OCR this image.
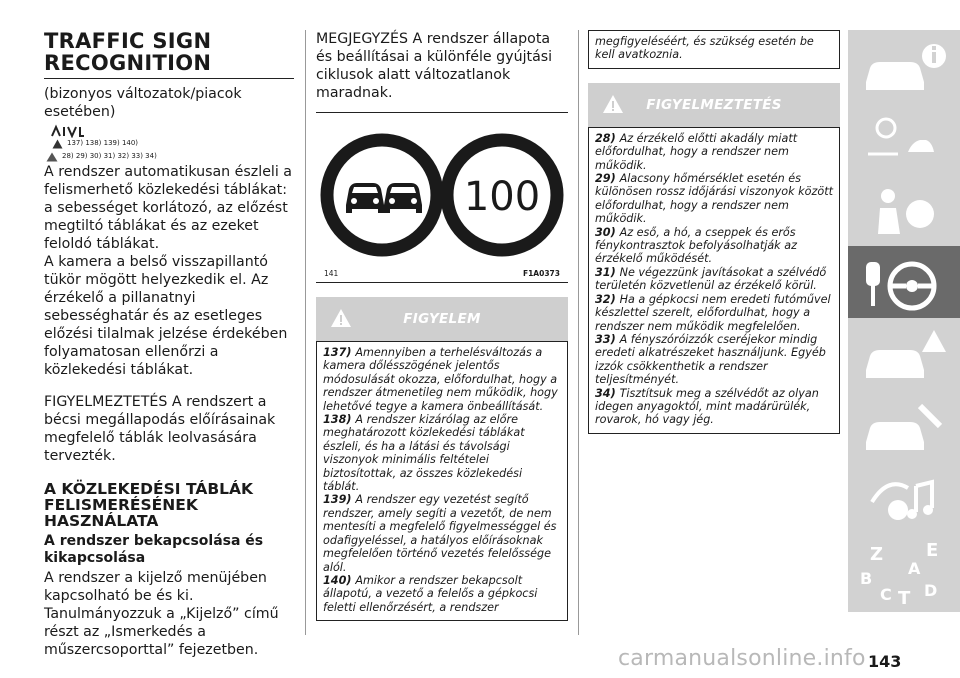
TRAFFIC SIGN
RECOGNITION
(bizonyos változatok/piacok esetében)
137) 138) 139) 140)
28) 29) 30) 31) 32) 33) 34)

A rendszer automatikusan észleli a felismerhető közlekedési táblákat: a sebességet korlátozó, az előzést megtiltó táblákat és az ezeket feloldó táblákat.

A kamera a belső visszapillantó tükör mögött helyezkedik el. Az érzékelő a pillanatnyi sebességhatár és az esetleges előzési tilalmak jelzése érdekében folyamatosan ellenőrzi a közlekedési táblákat.

FIGYELMEZTETÉS A rendszert a bécsi megállapodás előírásainak megfelelő táblák leolvasására tervezték.

A KÖZLEKEDÉSI TÁBLÁK
FELISMERÉSÉNEK
HASZNÁLATA
A rendszer bekapcsolása és kikapcsolása

A rendszer a kijelző menüjében kapcsolható be és ki. Tanulmányozzuk a „Kijelző” című részt az „Ismerkedés a műszercsoporttal” fejezetben.

MEGJEGYZÉS A rendszer állapota és beállításai a különféle gyújtási ciklusok alatt változatlanok maradnak.

100
141	F1A0373
FIGYELEM

137) Amennyiben a terhelésváltozás a kamera dőlésszögének jelentős módosulását okozza, előfordulhat, hogy a rendszer átmenetileg nem működik, hogy lehetővé tegye a kamera önbeállítását.

138) A rendszer kizárólag az előre meghatározott közlekedési táblákat észleli, és ha a látási és távolsági viszonyok minimális feltételei biztosítottak, az összes közlekedési táblát.

139) A rendszer egy vezetést segítő rendszer, amely segíti a vezetőt, de nem mentesíti a megfelelő figyelmességgel és odafigyeléssel, a hatályos előírásoknak megfelelően történő vezetés felelőssége alól.

140) Amikor a rendszer bekapcsolt állapotú, a vezető a felelős a gépkocsi feletti ellenőrzésért, a rendszer

megfigyeléséért, és szükség esetén be kell avatkoznia.
FIGYELMEZTETÉS

28) Az érzékelő előtti akadály miatt előfordulhat, hogy a rendszer nem működik.

29) Alacsony hőmérséklet esetén és különösen rossz időjárási viszonyok között előfordulhat, hogy a rendszer nem működik.

30) Az eső, a hó, a cseppek és erős fénykontrasztok befolyásolhatják az érzékelő működését.

31) Ne végezzünk javításokat a szélvédő területén közvetlenül az érzékelő körül.

32) Ha a gépkocsi nem eredeti futóművel készlettel szerelt, előfordulhat, hogy a rendszer nem működik megfelelően.

33) A fényszóróizzók cseréjekor mindig eredeti alkatrészeket használjunk. Egyéb izzók csökkenthetik a rendszer teljesítményét.

34) Tisztítsuk meg a szélvédőt az olyan idegen anyagoktól, mint madárürülék, rovarok, hó vagy jég.

Z E
A
B
C T D
carmanualsonline.info 143
